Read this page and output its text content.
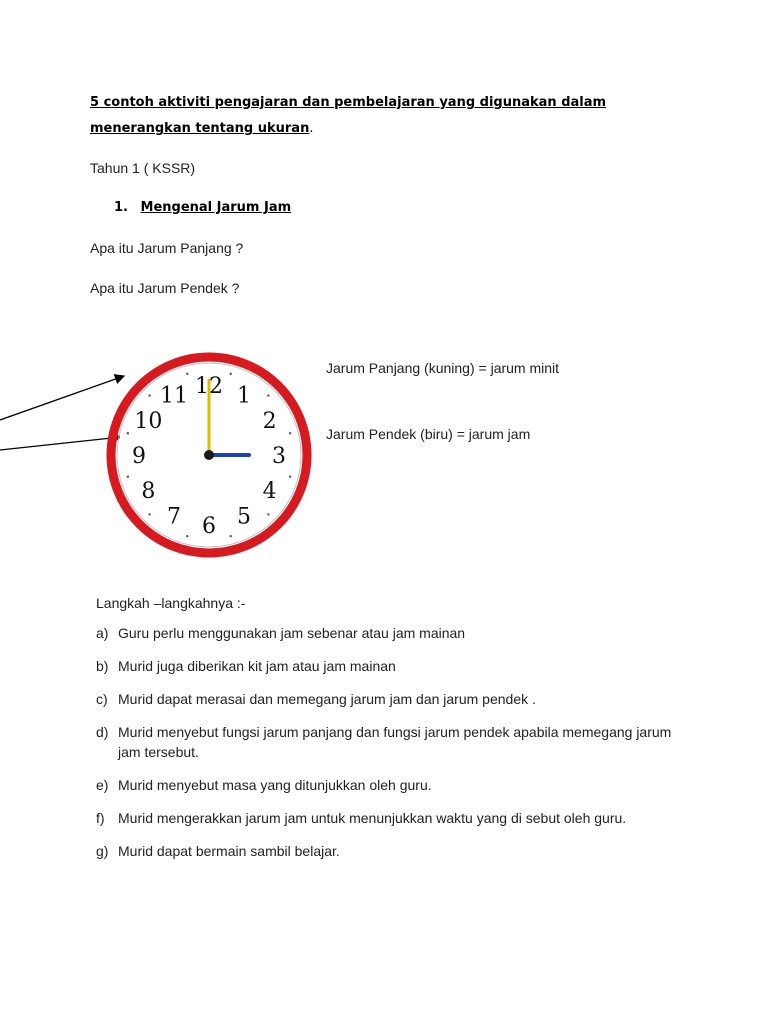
5 contoh aktiviti pengajaran dan pembelajaran yang digunakan dalam
menerangkan tentang ukuran.
Tahun 1 ( KSSR)
1. Mengenal Jarum Jam
Apa itu Jarum Panjang ?
Apa itu Jarum Pendek ?
12 1
2
3
4
5
6
7
8
9
10
11
Jarum Panjang (kuning) = jarum minit
Jarum Pendek (biru) = jarum jam
Langkah –langkahnya :-
a) Guru perlu menggunakan jam sebenar atau jam mainan
b) Murid juga diberikan kit jam atau jam mainan
c) Murid dapat merasai dan memegang jarum jam dan jarum pendek .
d) Murid menyebut fungsi jarum panjang dan fungsi jarum pendek apabila memegang jarum jam tersebut.
e) Murid menyebut masa yang ditunjukkan oleh guru.
f) Murid mengerakkan jarum jam untuk menunjukkan waktu yang di sebut oleh guru.
g) Murid dapat bermain sambil belajar.
